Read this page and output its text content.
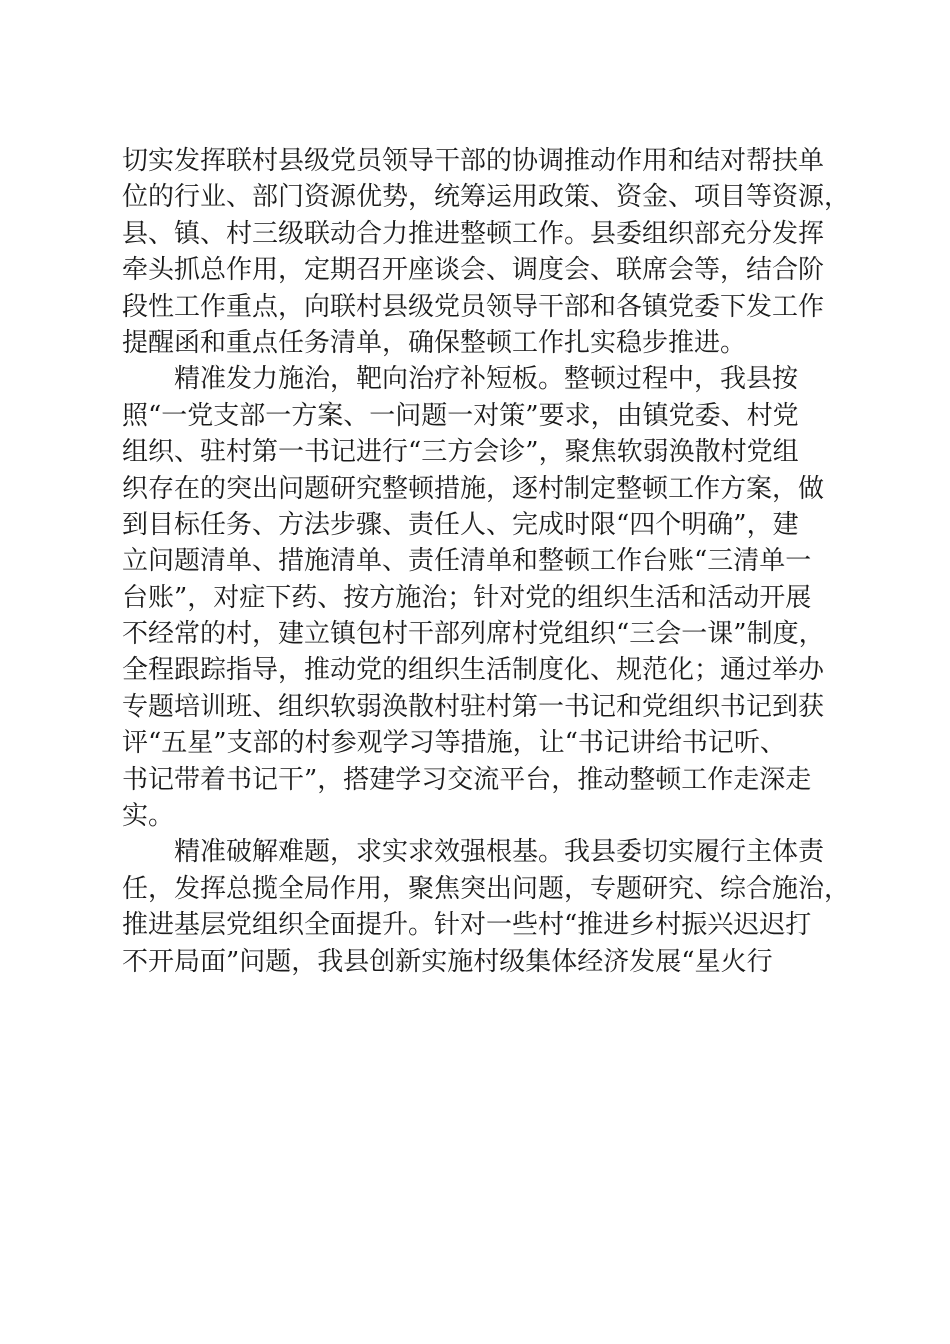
切实发挥联村县级党员领导干部的协调推动作用和结对帮扶单
位的行业、部门资源优势，统筹运用政策、资金、项目等资源，
县、镇、村三级联动合力推进整顿工作。县委组织部充分发挥
牵头抓总作用，定期召开座谈会、调度会、联席会等，结合阶
段性工作重点，向联村县级党员领导干部和各镇党委下发工作
提醒函和重点任务清单，确保整顿工作扎实稳步推进。
精准发力施治，靶向治疗补短板。整顿过程中，我县按
照“一党支部一方案、一问题一对策”要求，由镇党委、村党
组织、驻村第一书记进行“三方会诊”，聚焦软弱涣散村党组
织存在的突出问题研究整顿措施，逐村制定整顿工作方案，做
到目标任务、方法步骤、责任人、完成时限“四个明确”，建
立问题清单、措施清单、责任清单和整顿工作台账“三清单一
台账”，对症下药、按方施治；针对党的组织生活和活动开展
不经常的村，建立镇包村干部列席村党组织“三会一课”制度，
全程跟踪指导，推动党的组织生活制度化、规范化；通过举办
专题培训班、组织软弱涣散村驻村第一书记和党组织书记到获
评“五星”支部的村参观学习等措施，让“书记讲给书记听、
书记带着书记干”，搭建学习交流平台，推动整顿工作走深走
实。
精准破解难题，求实求效强根基。我县委切实履行主体责
任，发挥总揽全局作用，聚焦突出问题，专题研究、综合施治，
推进基层党组织全面提升。针对一些村“推进乡村振兴迟迟打
不开局面”问题，我县创新实施村级集体经济发展“星火行
